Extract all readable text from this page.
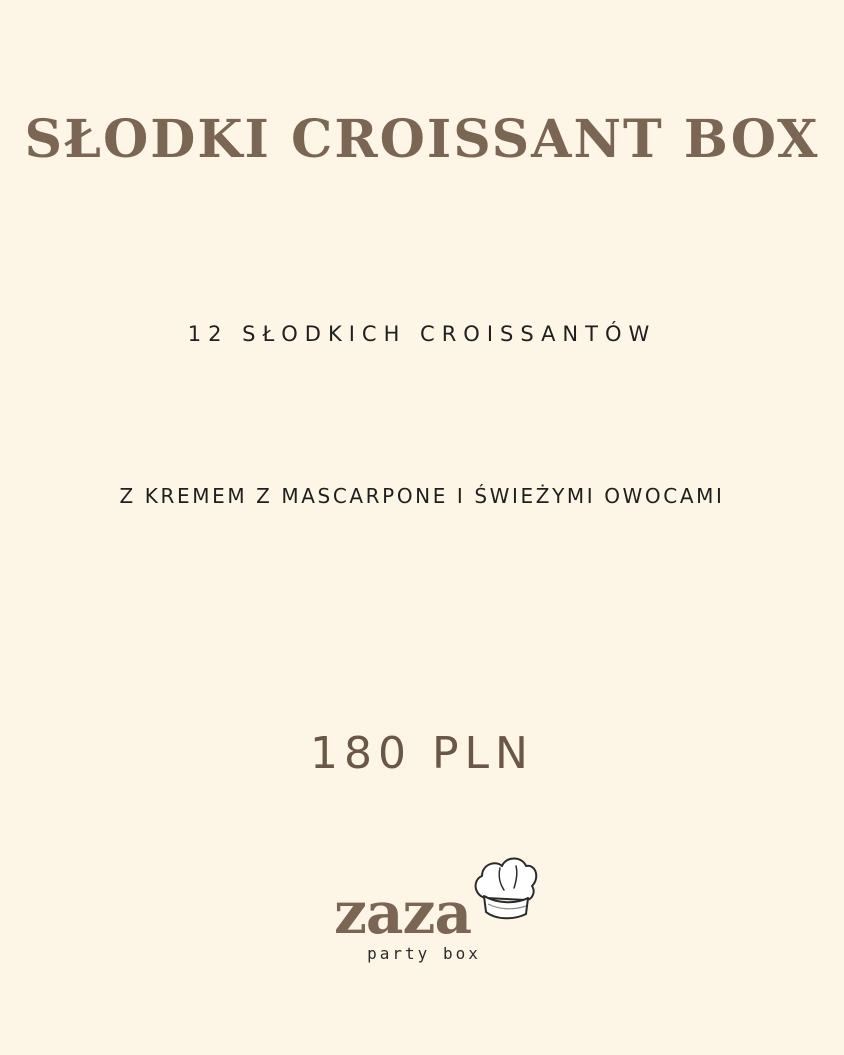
SŁODKI CROISSANT BOX
12 SŁODKICH CROISSANTÓW
Z KREMEM Z MASCARPONE I ŚWIEŻYMI OWOCAMI
180 PLN
zaza
party box
